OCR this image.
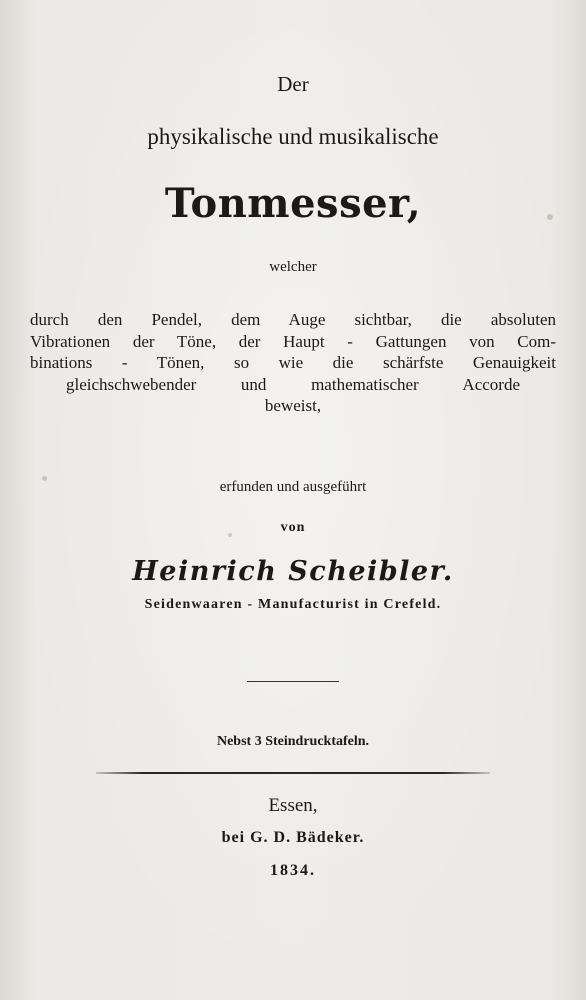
Der
physikalische und musikalische
Tonmesser,
welcher
durch den Pendel, dem Auge sichtbar, die absoluten
Vibrationen der Töne, der Haupt - Gattungen von Com-
binations - Tönen, so wie die schärfste Genauigkeit
gleichschwebender und mathematischer Accorde
beweist,
erfunden und ausgeführt
von
Heinrich Scheibler.
Seidenwaaren - Manufacturist in Crefeld.
Nebst 3 Steindrucktafeln.
Essen,
bei G. D. Bädeker.
1834.
